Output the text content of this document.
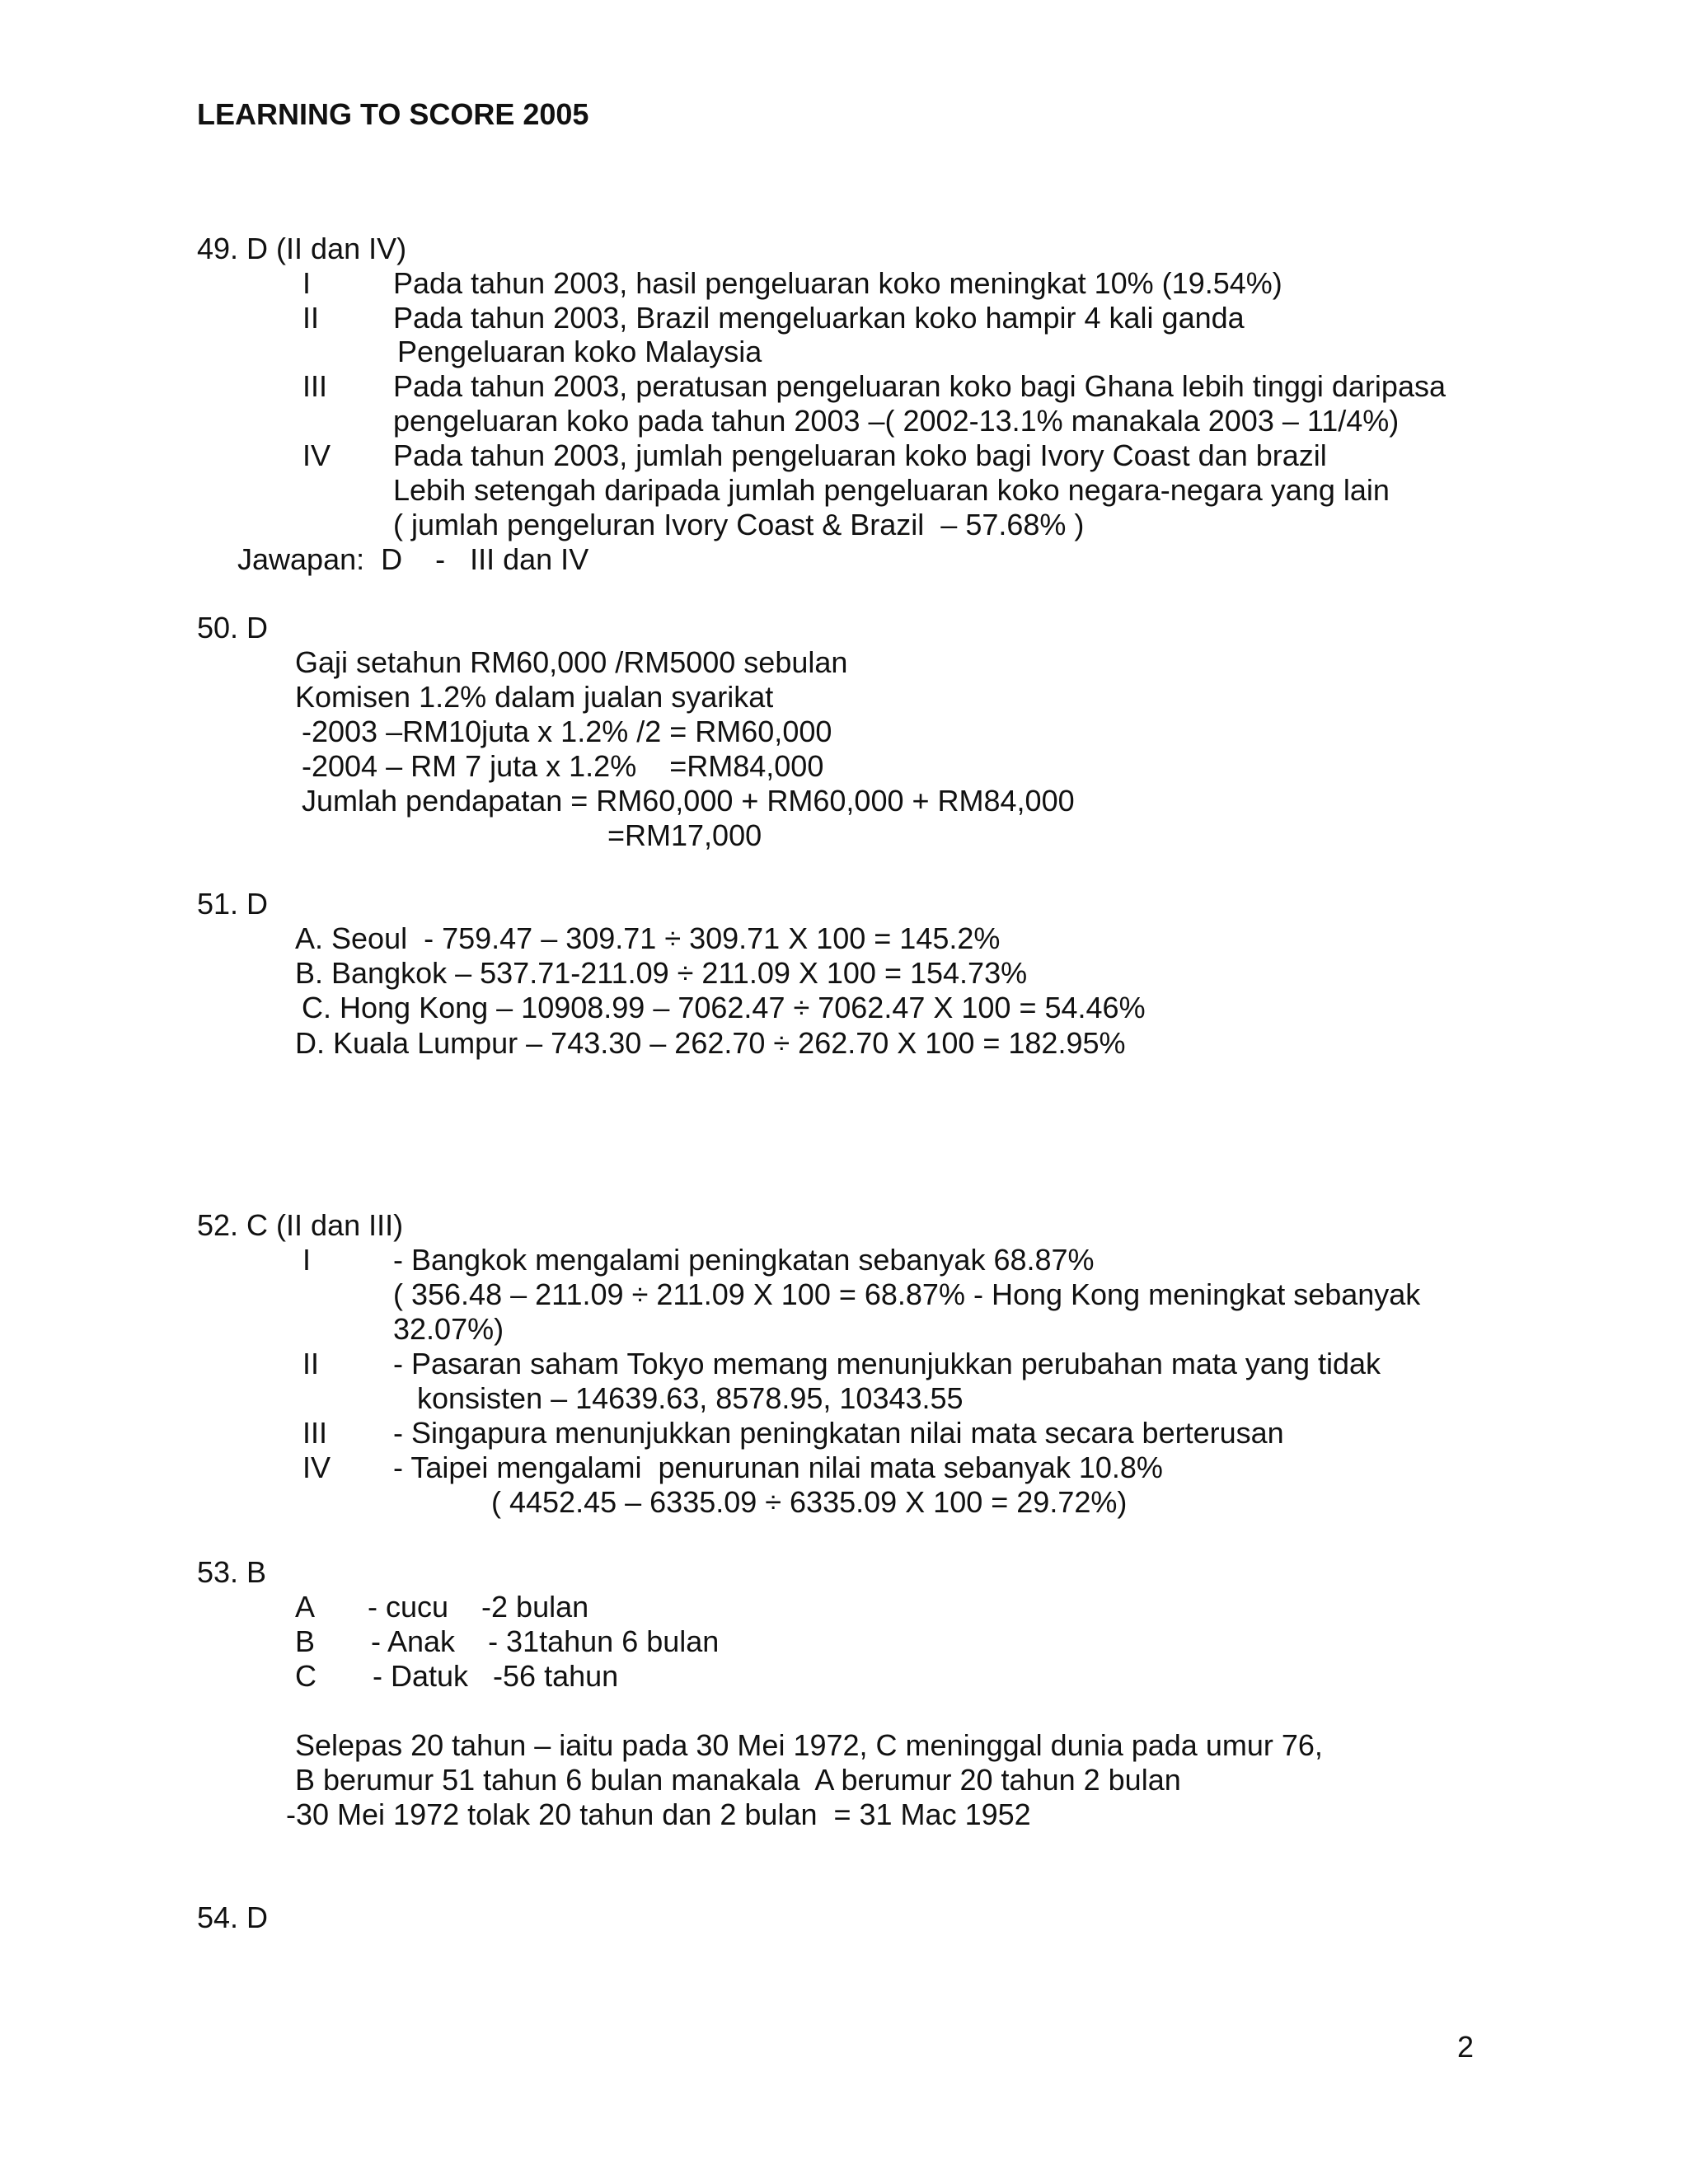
LEARNING TO SCORE 2005
49. D (II dan IV)
I	Pada tahun 2003, hasil pengeluaran koko meningkat 10% (19.54%)
II Pada tahun 2003, Brazil mengeluarkan koko hampir 4 kali ganda
Pengeluaran koko Malaysia
III Pada tahun 2003, peratusan pengeluaran koko bagi Ghana lebih tinggi daripasa
pengeluaran koko pada tahun 2003 –( 2002-13.1% manakala 2003 – 11/4%)
IV Pada tahun 2003, jumlah pengeluaran koko bagi Ivory Coast dan brazil
Lebih setengah daripada jumlah pengeluaran koko negara-negara yang lain
( jumlah pengeluran Ivory Coast & Brazil  – 57.68% )
Jawapan:  D    -   III dan IV
50. D
Gaji setahun RM60,000 /RM5000 sebulan
Komisen 1.2% dalam jualan syarikat
-2003 –RM10juta x 1.2% /2 = RM60,000
-2004 – RM 7 juta x 1.2%    =RM84,000
Jumlah pendapatan = RM60,000 + RM60,000 + RM84,000
=RM17,000
51. D
A. Seoul  - 759.47 – 309.71 ÷ 309.71 X 100 = 145.2%
B. Bangkok – 537.71-211.09 ÷ 211.09 X 100 = 154.73%
C. Hong Kong – 10908.99 – 7062.47 ÷ 7062.47 X 100 = 54.46%
D. Kuala Lumpur – 743.30 – 262.70 ÷ 262.70 X 100 = 182.95%
52. C (II dan III)
I	- Bangkok mengalami peningkatan sebanyak 68.87%
( 356.48 – 211.09 ÷ 211.09 X 100 = 68.87% - Hong Kong meningkat sebanyak
32.07%)
II - Pasaran saham Tokyo memang menunjukkan perubahan mata yang tidak
konsisten – 14639.63, 8578.95, 10343.55
III - Singapura menunjukkan peningkatan nilai mata secara berterusan
IV - Taipei mengalami  penurunan nilai mata sebanyak 10.8%
( 4452.45 – 6335.09 ÷ 6335.09 X 100 = 29.72%)
53. B
A - cucu    -2 bulan
B - Anak    - 31tahun 6 bulan
C - Datuk   -56 tahun
Selepas 20 tahun – iaitu pada 30 Mei 1972, C meninggal dunia pada umur 76,
B berumur 51 tahun 6 bulan manakala  A berumur 20 tahun 2 bulan
-30 Mei 1972 tolak 20 tahun dan 2 bulan  = 31 Mac 1952
54. D
2
